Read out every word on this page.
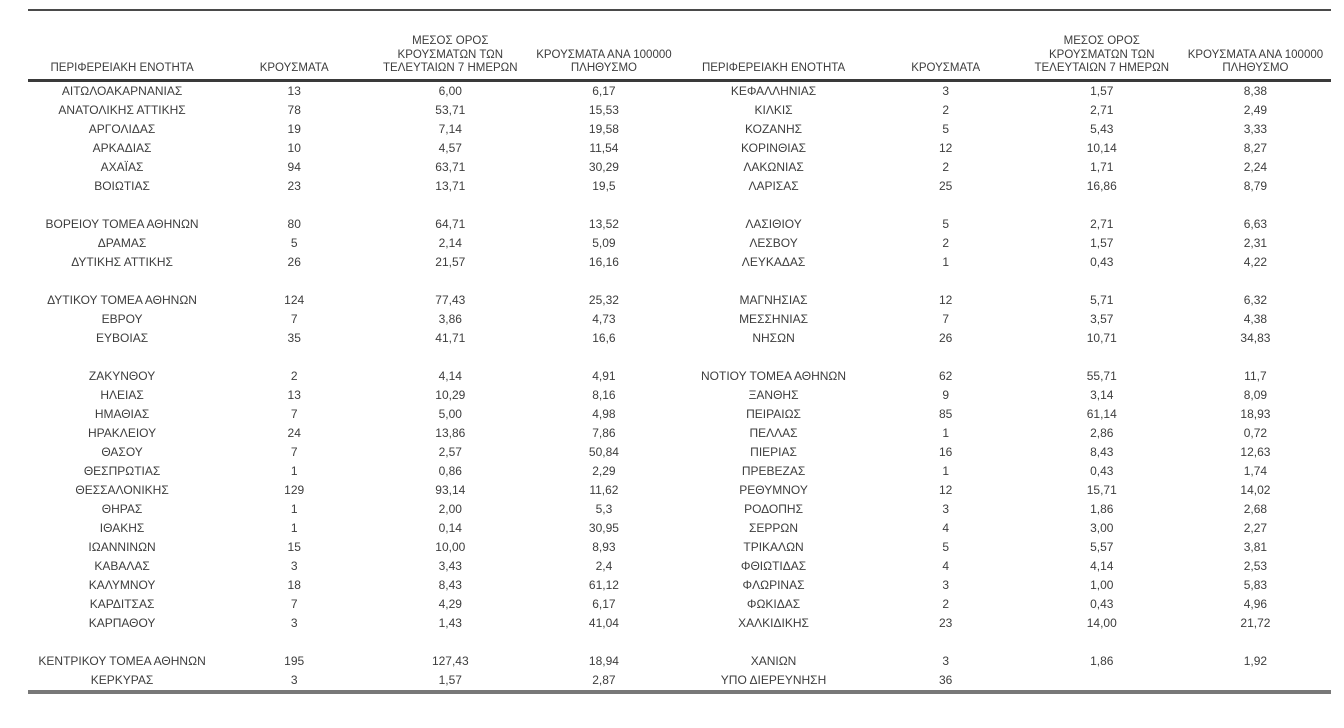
ΠΕΡΙΦΕΡΕΙΑΚΗ ΕΝΟΤΗΤΑ	ΚΡΟΥΣΜΑΤΑ	ΜΕΣΟΣ ΟΡΟΣ ΚΡΟΥΣΜΑΤΩΝ ΤΩΝ ΤΕΛΕΥΤΑΙΩΝ 7 ΗΜΕΡΩΝ	ΚΡΟΥΣΜΑΤΑ ΑΝΑ 100000 ΠΛΗΘΥΣΜΟ	ΠΕΡΙΦΕΡΕΙΑΚΗ ΕΝΟΤΗΤΑ	ΚΡΟΥΣΜΑΤΑ	ΜΕΣΟΣ ΟΡΟΣ ΚΡΟΥΣΜΑΤΩΝ ΤΩΝ ΤΕΛΕΥΤΑΙΩΝ 7 ΗΜΕΡΩΝ	ΚΡΟΥΣΜΑΤΑ ΑΝΑ 100000 ΠΛΗΘΥΣΜΟ
ΑΙΤΩΛΟΑΚΑΡΝΑΝΙΑΣ	13	6,00	6,17	ΚΕΦΑΛΛΗΝΙΑΣ	3	1,57	8,38
ΑΝΑΤΟΛΙΚΗΣ ΑΤΤΙΚΗΣ	78	53,71	15,53	ΚΙΛΚΙΣ	2	2,71	2,49
ΑΡΓΟΛΙΔΑΣ	19	7,14	19,58	ΚΟΖΑΝΗΣ	5	5,43	3,33
ΑΡΚΑΔΙΑΣ	10	4,57	11,54	ΚΟΡΙΝΘΙΑΣ	12	10,14	8,27
ΑΧΑΪΑΣ	94	63,71	30,29	ΛΑΚΩΝΙΑΣ	2	1,71	2,24
ΒΟΙΩΤΙΑΣ	23	13,71	19,5	ΛΑΡΙΣΑΣ	25	16,86	8,79

ΒΟΡΕΙΟΥ ΤΟΜΕΑ ΑΘΗΝΩΝ	80	64,71	13,52	ΛΑΣΙΘΙΟΥ	5	2,71	6,63
ΔΡΑΜΑΣ	5	2,14	5,09	ΛΕΣΒΟΥ	2	1,57	2,31
ΔΥΤΙΚΗΣ ΑΤΤΙΚΗΣ	26	21,57	16,16	ΛΕΥΚΑΔΑΣ	1	0,43	4,22

ΔΥΤΙΚΟΥ ΤΟΜΕΑ ΑΘΗΝΩΝ	124	77,43	25,32	ΜΑΓΝΗΣΙΑΣ	12	5,71	6,32
ΕΒΡΟΥ	7	3,86	4,73	ΜΕΣΣΗΝΙΑΣ	7	3,57	4,38
ΕΥΒΟΙΑΣ	35	41,71	16,6	ΝΗΣΩΝ	26	10,71	34,83

ΖΑΚΥΝΘΟΥ	2	4,14	4,91	ΝΟΤΙΟΥ ΤΟΜΕΑ ΑΘΗΝΩΝ	62	55,71	11,7
ΗΛΕΙΑΣ	13	10,29	8,16	ΞΑΝΘΗΣ	9	3,14	8,09
ΗΜΑΘΙΑΣ	7	5,00	4,98	ΠΕΙΡΑΙΩΣ	85	61,14	18,93
ΗΡΑΚΛΕΙΟΥ	24	13,86	7,86	ΠΕΛΛΑΣ	1	2,86	0,72
ΘΑΣΟΥ	7	2,57	50,84	ΠΙΕΡΙΑΣ	16	8,43	12,63
ΘΕΣΠΡΩΤΙΑΣ	1	0,86	2,29	ΠΡΕΒΕΖΑΣ	1	0,43	1,74
ΘΕΣΣΑΛΟΝΙΚΗΣ	129	93,14	11,62	ΡΕΘΥΜΝΟΥ	12	15,71	14,02
ΘΗΡΑΣ	1	2,00	5,3	ΡΟΔΟΠΗΣ	3	1,86	2,68
ΙΘΑΚΗΣ	1	0,14	30,95	ΣΕΡΡΩΝ	4	3,00	2,27
ΙΩΑΝΝΙΝΩΝ	15	10,00	8,93	ΤΡΙΚΑΛΩΝ	5	5,57	3,81
ΚΑΒΑΛΑΣ	3	3,43	2,4	ΦΘΙΩΤΙΔΑΣ	4	4,14	2,53
ΚΑΛΥΜΝΟΥ	18	8,43	61,12	ΦΛΩΡΙΝΑΣ	3	1,00	5,83
ΚΑΡΔΙΤΣΑΣ	7	4,29	6,17	ΦΩΚΙΔΑΣ	2	0,43	4,96
ΚΑΡΠΑΘΟΥ	3	1,43	41,04	ΧΑΛΚΙΔΙΚΗΣ	23	14,00	21,72

ΚΕΝΤΡΙΚΟΥ ΤΟΜΕΑ ΑΘΗΝΩΝ	195	127,43	18,94	ΧΑΝΙΩΝ	3	1,86	1,92
ΚΕΡΚΥΡΑΣ	3	1,57	2,87	ΥΠΟ ΔΙΕΡΕΥΝΗΣΗ	36		
